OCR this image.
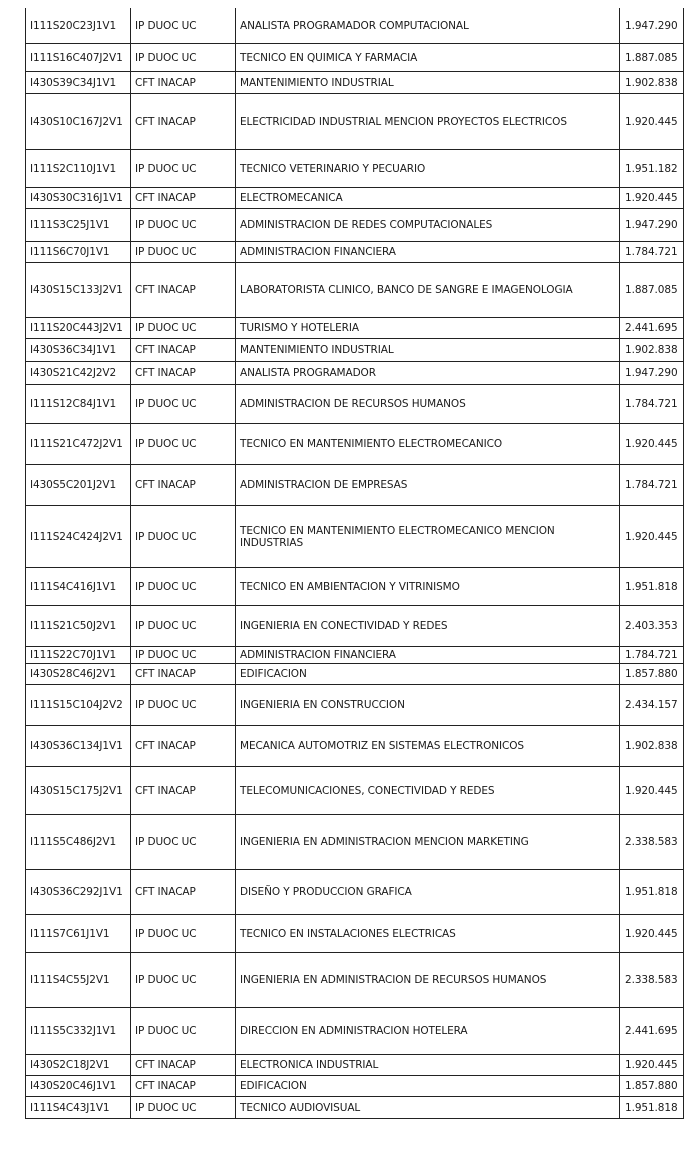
I111S20C23J1V1	IP DUOC UC	ANALISTA PROGRAMADOR COMPUTACIONAL	1.947.290
I111S16C407J2V1	IP DUOC UC	TECNICO EN QUIMICA Y FARMACIA	1.887.085
I430S39C34J1V1	CFT INACAP	MANTENIMIENTO INDUSTRIAL	1.902.838
I430S10C167J2V1	CFT INACAP	ELECTRICIDAD INDUSTRIAL MENCION PROYECTOS ELECTRICOS	1.920.445
I111S2C110J1V1	IP DUOC UC	TECNICO VETERINARIO Y PECUARIO	1.951.182
I430S30C316J1V1	CFT INACAP	ELECTROMECANICA	1.920.445
I111S3C25J1V1	IP DUOC UC	ADMINISTRACION DE REDES COMPUTACIONALES	1.947.290
I111S6C70J1V1	IP DUOC UC	ADMINISTRACION FINANCIERA	1.784.721
I430S15C133J2V1	CFT INACAP	LABORATORISTA CLINICO, BANCO DE SANGRE E IMAGENOLOGIA	1.887.085
I111S20C443J2V1	IP DUOC UC	TURISMO Y HOTELERIA	2.441.695
I430S36C34J1V1	CFT INACAP	MANTENIMIENTO INDUSTRIAL	1.902.838
I430S21C42J2V2	CFT INACAP	ANALISTA PROGRAMADOR	1.947.290
I111S12C84J1V1	IP DUOC UC	ADMINISTRACION DE RECURSOS HUMANOS	1.784.721
I111S21C472J2V1	IP DUOC UC	TECNICO EN MANTENIMIENTO ELECTROMECANICO	1.920.445
I430S5C201J2V1	CFT INACAP	ADMINISTRACION DE EMPRESAS	1.784.721
I111S24C424J2V1	IP DUOC UC	TECNICO EN MANTENIMIENTO ELECTROMECANICO MENCION INDUSTRIAS	1.920.445
I111S4C416J1V1	IP DUOC UC	TECNICO EN AMBIENTACION Y VITRINISMO	1.951.818
I111S21C50J2V1	IP DUOC UC	INGENIERIA EN CONECTIVIDAD Y REDES	2.403.353
I111S22C70J1V1	IP DUOC UC	ADMINISTRACION FINANCIERA	1.784.721
I430S28C46J2V1	CFT INACAP	EDIFICACION	1.857.880
I111S15C104J2V2	IP DUOC UC	INGENIERIA EN CONSTRUCCION	2.434.157
I430S36C134J1V1	CFT INACAP	MECANICA AUTOMOTRIZ EN SISTEMAS ELECTRONICOS	1.902.838
I430S15C175J2V1	CFT INACAP	TELECOMUNICACIONES, CONECTIVIDAD Y REDES	1.920.445
I111S5C486J2V1	IP DUOC UC	INGENIERIA EN ADMINISTRACION MENCION MARKETING	2.338.583
I430S36C292J1V1	CFT INACAP	DISEÑO Y PRODUCCION GRAFICA	1.951.818
I111S7C61J1V1	IP DUOC UC	TECNICO EN INSTALACIONES ELECTRICAS	1.920.445
I111S4C55J2V1	IP DUOC UC	INGENIERIA EN ADMINISTRACION DE RECURSOS HUMANOS	2.338.583
I111S5C332J1V1	IP DUOC UC	DIRECCION EN ADMINISTRACION HOTELERA	2.441.695
I430S2C18J2V1	CFT INACAP	ELECTRONICA INDUSTRIAL	1.920.445
I430S20C46J1V1	CFT INACAP	EDIFICACION	1.857.880
I111S4C43J1V1	IP DUOC UC	TECNICO AUDIOVISUAL	1.951.818
